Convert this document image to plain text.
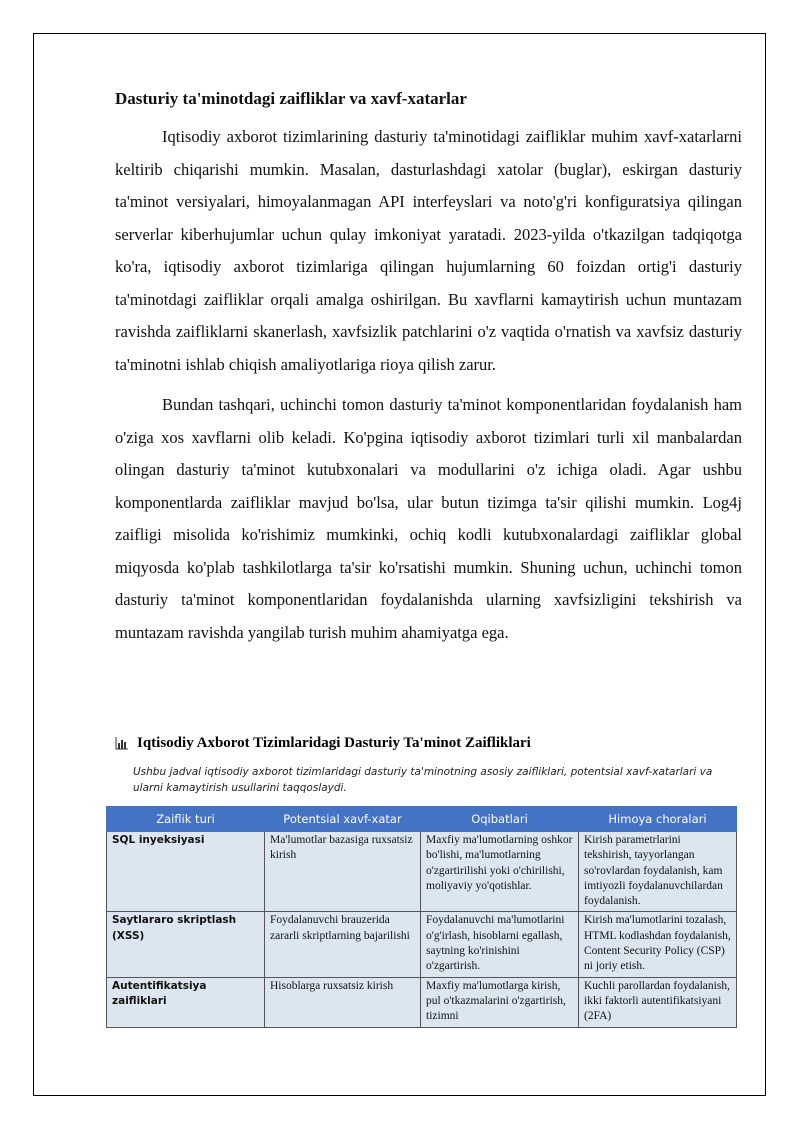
Dasturiy ta'minotdagi zaifliklar va xavf-xatarlar

Iqtisodiy axborot tizimlarining dasturiy ta'minotidagi zaifliklar muhim xavf-xatarlarni keltirib chiqarishi mumkin. Masalan, dasturlashdagi xatolar (buglar), eskirgan dasturiy ta'minot versiyalari, himoyalanmagan API interfeyslari va noto'g'ri konfiguratsiya qilingan serverlar kiberhujumlar uchun qulay imkoniyat yaratadi. 2023-yilda o'tkazilgan tadqiqotga ko'ra, iqtisodiy axborot tizimlariga qilingan hujumlarning 60 foizdan ortig'i dasturiy ta'minotdagi zaifliklar orqali amalga oshirilgan. Bu xavflarni kamaytirish uchun muntazam ravishda zaifliklarni skanerlash, xavfsizlik patchlarini o'z vaqtida o'rnatish va xavfsiz dasturiy ta'minotni ishlab chiqish amaliyotlariga rioya qilish zarur.

Bundan tashqari, uchinchi tomon dasturiy ta'minot komponentlaridan foydalanish ham o'ziga xos xavflarni olib keladi. Ko'pgina iqtisodiy axborot tizimlari turli xil manbalardan olingan dasturiy ta'minot kutubxonalari va modullarini o'z ichiga oladi. Agar ushbu komponentlarda zaifliklar mavjud bo'lsa, ular butun tizimga ta'sir qilishi mumkin. Log4j zaifligi misolida ko'rishimiz mumkinki, ochiq kodli kutubxonalardagi zaifliklar global miqyosda ko'plab tashkilotlarga ta'sir ko'rsatishi mumkin. Shuning uchun, uchinchi tomon dasturiy ta'minot komponentlaridan foydalanishda ularning xavfsizligini tekshirish va muntazam ravishda yangilab turish muhim ahamiyatga ega.

Iqtisodiy Axborot Tizimlaridagi Dasturiy Ta'minot Zaifliklari
Ushbu jadval iqtisodiy axborot tizimlaridagi dasturiy ta'minotning asosiy zaifliklari, potentsial xavf-xatarlari va ularni kamaytirish usullarini taqqoslaydi.
Zaiflik turi	Potentsial xavf-xatar	Oqibatlari	Himoya choralari
SQL inyeksiyasi	Ma'lumotlar bazasiga ruxsatsiz kirish	Maxfiy ma'lumotlarning oshkor bo'lishi, ma'lumotlarning o'zgartirilishi yoki o'chirilishi, moliyaviy yo'qotishlar.	Kirish parametrlarini tekshirish, tayyorlangan so'rovlardan foydalanish, kam imtiyozli foydalanuvchilardan foydalanish.
Saytlararo skriptlash (XSS)	Foydalanuvchi brauzerida zararli skriptlarning bajarilishi	Foydalanuvchi ma'lumotlarini o'g'irlash, hisoblarni egallash, saytning ko'rinishini o'zgartirish.	Kirish ma'lumotlarini tozalash, HTML kodlashdan foydalanish, Content Security Policy (CSP) ni joriy etish.
Autentifikatsiya zaifliklari	Hisoblarga ruxsatsiz kirish	Maxfiy ma'lumotlarga kirish, pul o'tkazmalarini o'zgartirish, tizimni	Kuchli parollardan foydalanish, ikki faktorli autentifikatsiyani (2FA)
